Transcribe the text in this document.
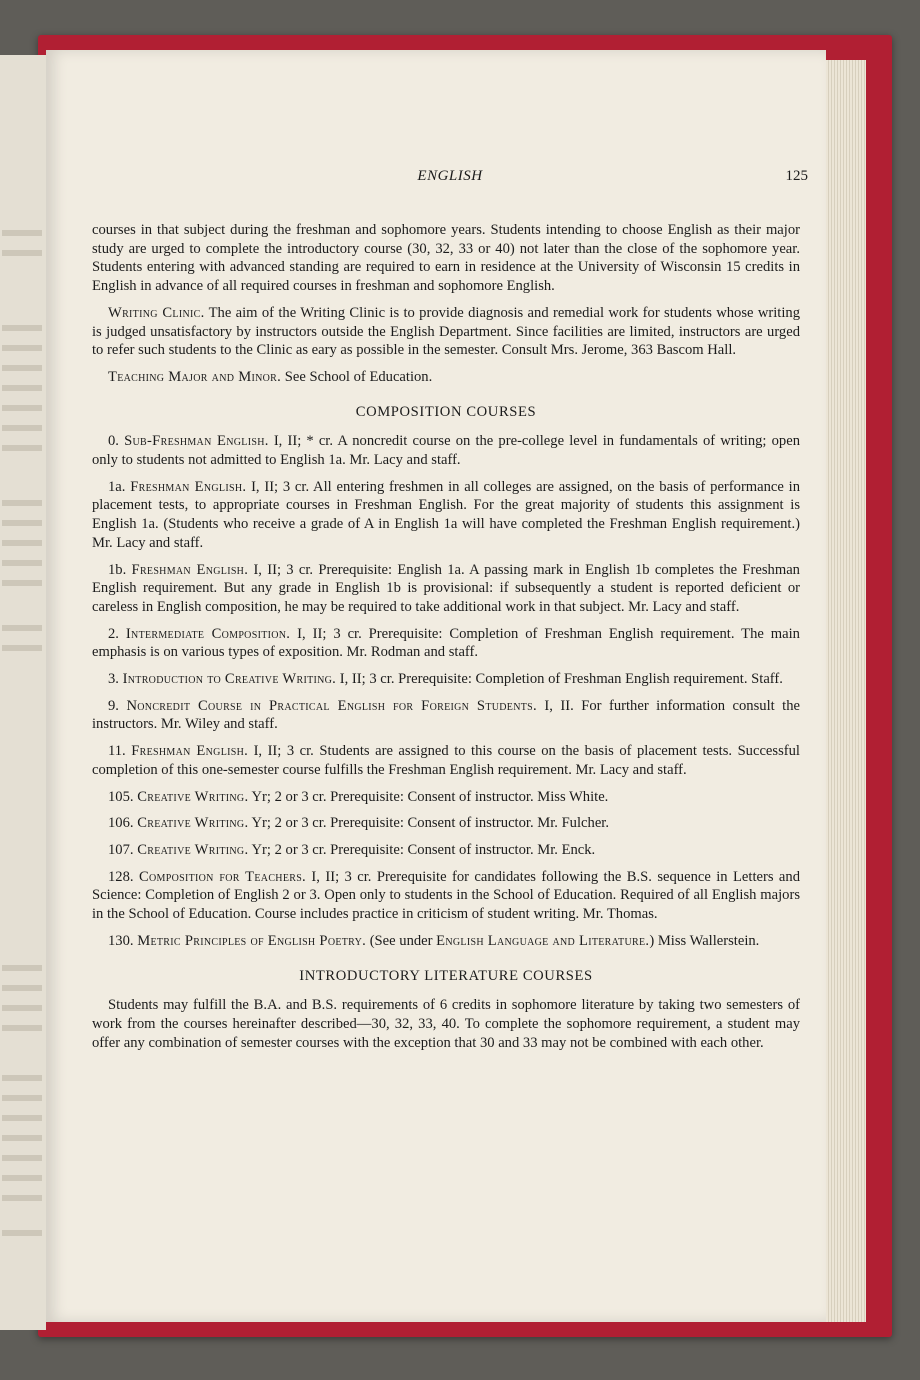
ENGLISH	125

courses in that subject during the freshman and sophomore years. Students intending to choose English as their major study are urged to complete the introductory course (30, 32, 33 or 40) not later than the close of the sophomore year. Students entering with advanced standing are required to earn in residence at the University of Wisconsin 15 credits in English in advance of all required courses in freshman and sophomore English.

Writing Clinic. The aim of the Writing Clinic is to provide diagnosis and remedial work for students whose writing is judged unsatisfactory by instructors outside the English Department. Since facilities are limited, instructors are urged to refer such students to the Clinic as eary as possible in the semester. Consult Mrs. Jerome, 363 Bascom Hall.

Teaching Major and Minor. See School of Education.

COMPOSITION COURSES

0. Sub-Freshman English. I, II; * cr. A noncredit course on the pre-college level in fundamentals of writing; open only to students not admitted to English 1a. Mr. Lacy and staff.

1a. Freshman English. I, II; 3 cr. All entering freshmen in all colleges are assigned, on the basis of performance in placement tests, to appropriate courses in Freshman English. For the great majority of students this assignment is English 1a. (Students who receive a grade of A in English 1a will have completed the Freshman English requirement.) Mr. Lacy and staff.

1b. Freshman English. I, II; 3 cr. Prerequisite: English 1a. A passing mark in English 1b completes the Freshman English requirement. But any grade in English 1b is provisional: if subsequently a student is reported deficient or careless in English composition, he may be required to take additional work in that subject. Mr. Lacy and staff.

2. Intermediate Composition. I, II; 3 cr. Prerequisite: Completion of Freshman English requirement. The main emphasis is on various types of exposition. Mr. Rodman and staff.

3. Introduction to Creative Writing. I, II; 3 cr. Prerequisite: Completion of Freshman English requirement. Staff.

9. Noncredit Course in Practical English for Foreign Students. I, II. For further information consult the instructors. Mr. Wiley and staff.

11. Freshman English. I, II; 3 cr. Students are assigned to this course on the basis of placement tests. Successful completion of this one-semester course fulfills the Freshman English requirement. Mr. Lacy and staff.

105. Creative Writing. Yr; 2 or 3 cr. Prerequisite: Consent of instructor. Miss White.

106. Creative Writing. Yr; 2 or 3 cr. Prerequisite: Consent of instructor. Mr. Fulcher.

107. Creative Writing. Yr; 2 or 3 cr. Prerequisite: Consent of instructor. Mr. Enck.

128. Composition for Teachers. I, II; 3 cr. Prerequisite for candidates following the B.S. sequence in Letters and Science: Completion of English 2 or 3. Open only to students in the School of Education. Required of all English majors in the School of Education. Course includes practice in criticism of student writing. Mr. Thomas.

130. Metric Principles of English Poetry. (See under English Language and Literature.) Miss Wallerstein.

INTRODUCTORY LITERATURE COURSES

Students may fulfill the B.A. and B.S. requirements of 6 credits in sophomore literature by taking two semesters of work from the courses hereinafter described—30, 32, 33, 40. To complete the sophomore requirement, a student may offer any combination of semester courses with the exception that 30 and 33 may not be combined with each other.
